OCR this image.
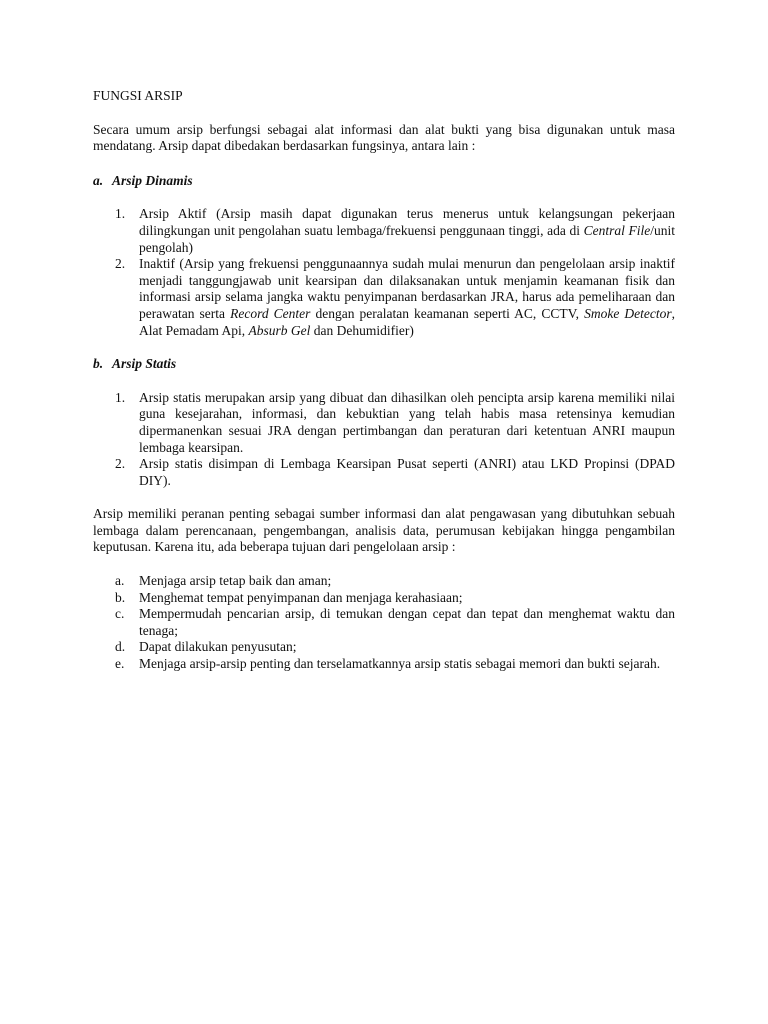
FUNGSI ARSIP

Secara umum arsip berfungsi sebagai alat informasi dan alat bukti yang bisa digunakan untuk masa mendatang. Arsip dapat dibedakan berdasarkan fungsinya, antara lain :

a. Arsip Dinamis

1. Arsip Aktif (Arsip masih dapat digunakan terus menerus untuk kelangsungan pekerjaan dilingkungan unit pengolahan suatu lembaga/frekuensi penggunaan tinggi, ada di Central File/unit pengolah)
2. Inaktif (Arsip yang frekuensi penggunaannya sudah mulai menurun dan pengelolaan arsip inaktif menjadi tanggungjawab unit kearsipan dan dilaksanakan untuk menjamin keamanan fisik dan informasi arsip selama jangka waktu penyimpanan berdasarkan JRA, harus ada pemeliharaan dan perawatan serta Record Center dengan peralatan keamanan seperti AC, CCTV, Smoke Detector, Alat Pemadam Api, Absurb Gel dan Dehumidifier)

b. Arsip Statis

1. Arsip statis merupakan arsip yang dibuat dan dihasilkan oleh pencipta arsip karena memiliki nilai guna kesejarahan, informasi, dan kebuktian yang telah habis masa retensinya kemudian dipermanenkan sesuai JRA dengan pertimbangan dan peraturan dari ketentuan ANRI maupun lembaga kearsipan.
2. Arsip statis disimpan di Lembaga Kearsipan Pusat seperti (ANRI) atau LKD Propinsi (DPAD DIY).

Arsip memiliki peranan penting sebagai sumber informasi dan alat pengawasan yang dibutuhkan sebuah lembaga dalam perencanaan, pengembangan, analisis data, perumusan kebijakan hingga pengambilan keputusan. Karena itu, ada beberapa tujuan dari pengelolaan arsip :

a. Menjaga arsip tetap baik dan aman;
b. Menghemat tempat penyimpanan dan menjaga kerahasiaan;
c. Mempermudah pencarian arsip, di temukan dengan cepat dan tepat dan menghemat waktu dan tenaga;
d. Dapat dilakukan penyusutan;
e. Menjaga arsip-arsip penting dan terselamatkannya arsip statis sebagai memori dan bukti sejarah.
